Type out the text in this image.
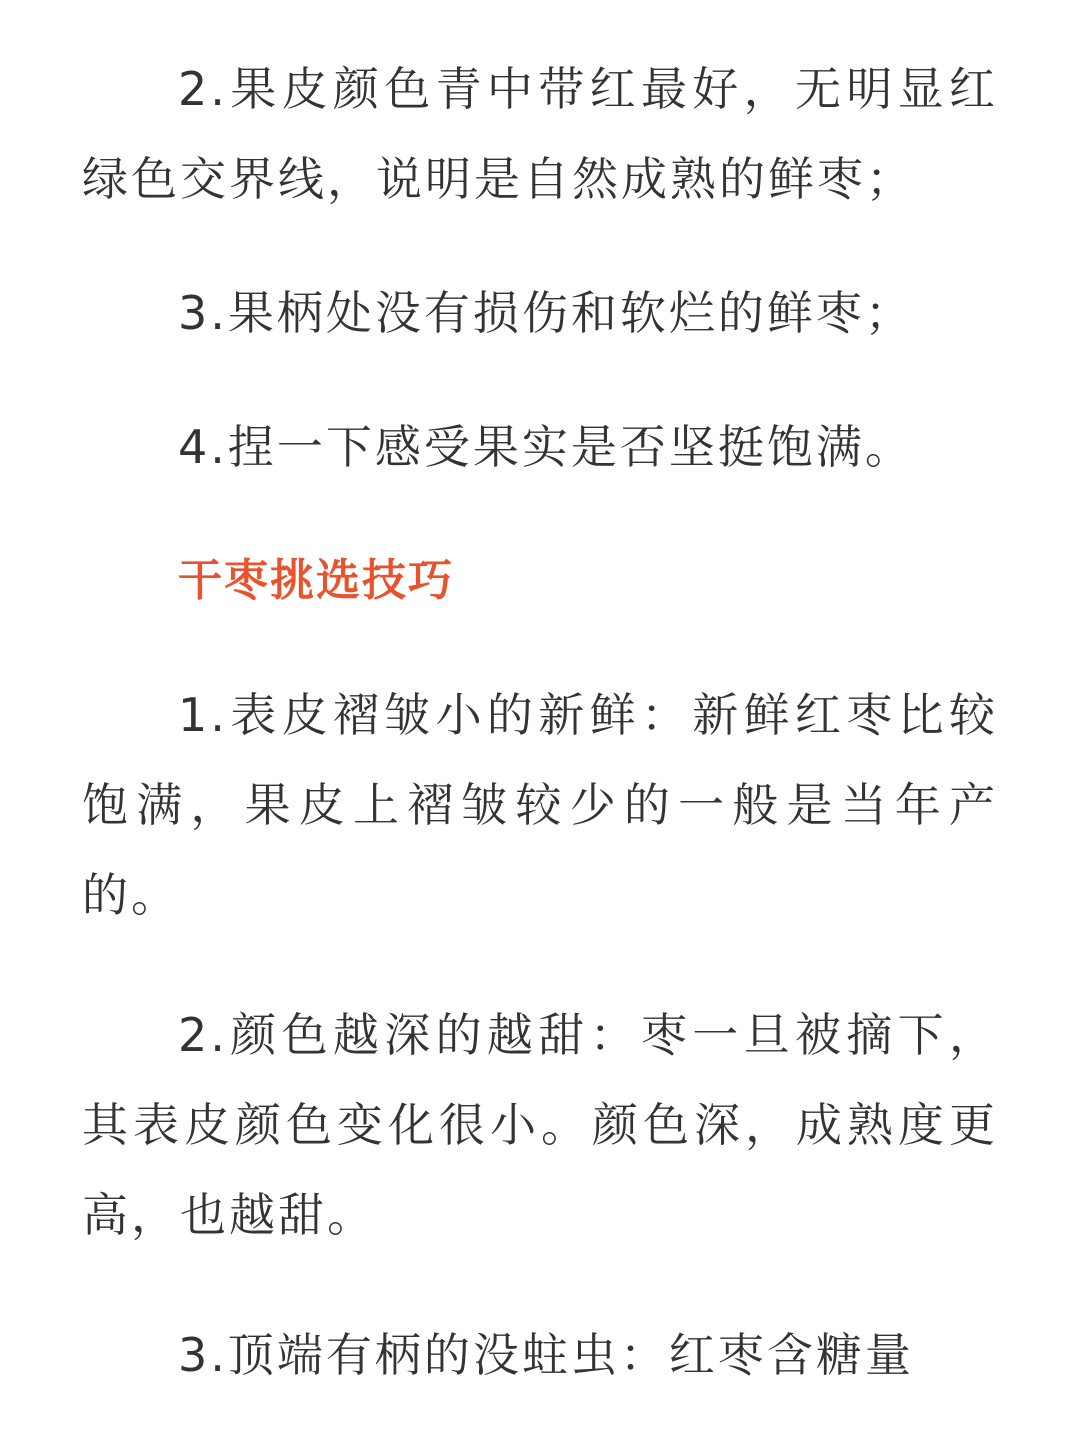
2.果皮颜色青中带红最好，无明显红绿色交界线，说明是自然成熟的鲜枣；

3.果柄处没有损伤和软烂的鲜枣；

4.捏一下感受果实是否坚挺饱满。

干枣挑选技巧

1.表皮褶皱小的新鲜：新鲜红枣比较饱满，果皮上褶皱较少的一般是当年产的。

2.颜色越深的越甜：枣一旦被摘下，其表皮颜色变化很小。颜色深，成熟度更高，也越甜。

3.顶端有柄的没蛀虫：红枣含糖量
